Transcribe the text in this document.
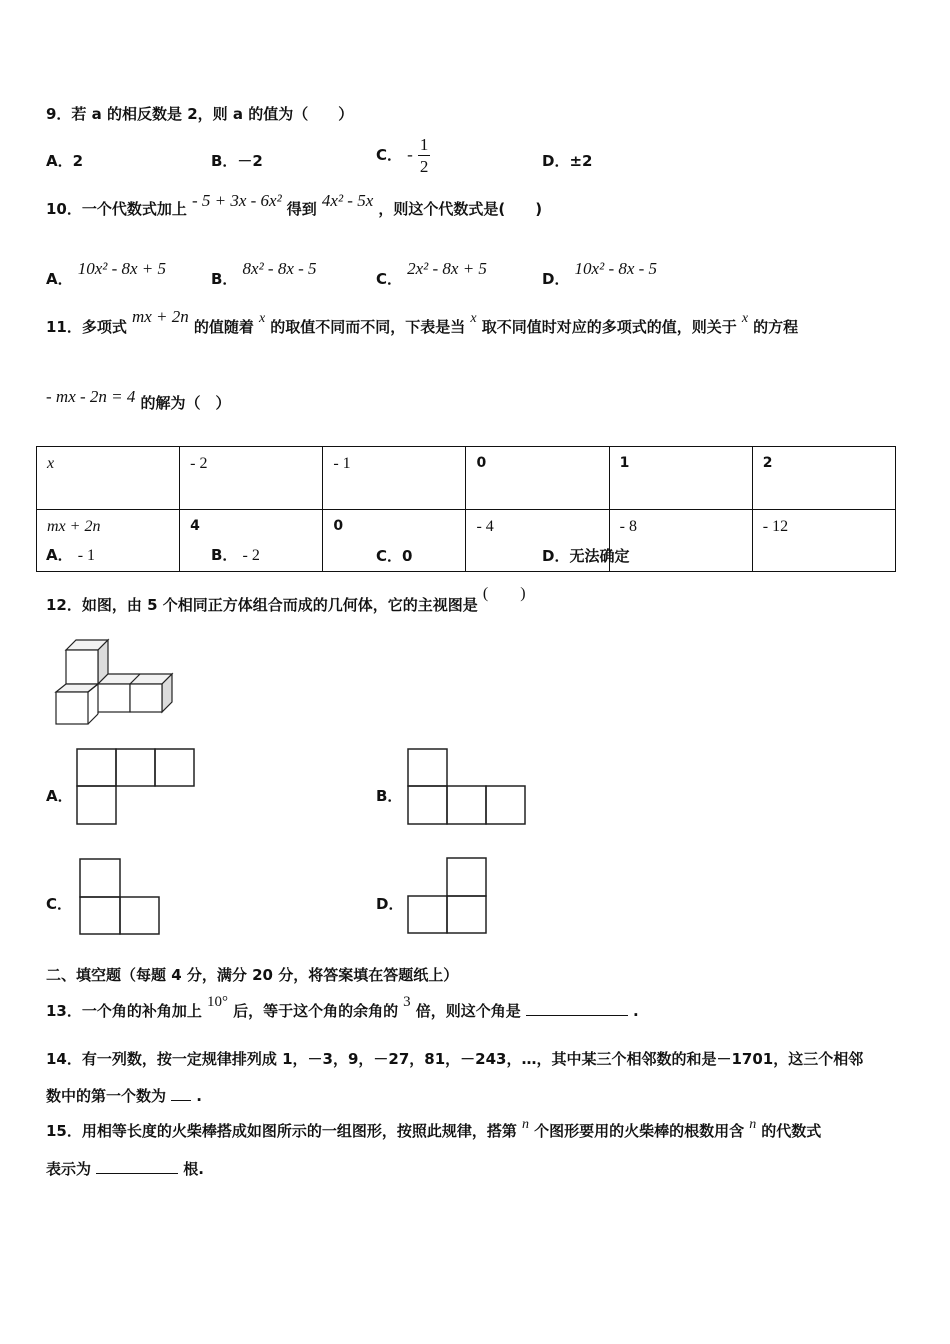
9．若 a 的相反数是 2，则 a 的值为（　　）
A．2	B．－2	C． - $\frac{1}{2}$	D．±2
10．一个代数式加上 - 5 + 3x - 6x² 得到 4x² - 5x ，则这个代数式是(　　)
A． 10x² - 8x + 5
B． 8x² - 8x - 5
C． 2x² - 8x + 5
D． 10x² - 8x - 5
11．多项式 mx + 2n 的值随着 x 的取值不同而不同，下表是当 x 取不同值时对应的多项式的值，则关于 x 的方程
- mx - 2n = 4 的解为（　）
x	- 2	- 1	0	1	2
mx + 2n	4	0	- 4	- 8	- 12
A． - 1	B． - 2	C．0	D．无法确定
12．如图，由 5 个相同正方体组合而成的几何体，它的主视图是 (　　)
A．	B．
C．	D．
二、填空题（每题 4 分，满分 20 分，将答案填在答题纸上）
13．一个角的补角加上 10° 后，等于这个角的余角的 3 倍，则这个角是	.
14．有一列数，按一定规律排列成 1，－3，9，－27，81，－243，…，其中某三个相邻数的和是－1701，这三个相邻
数中的第一个数为 .
15．用相等长度的火柴棒搭成如图所示的一组图形，按照此规律，搭第 n 个图形要用的火柴棒的根数用含 n 的代数式
表示为	根.
